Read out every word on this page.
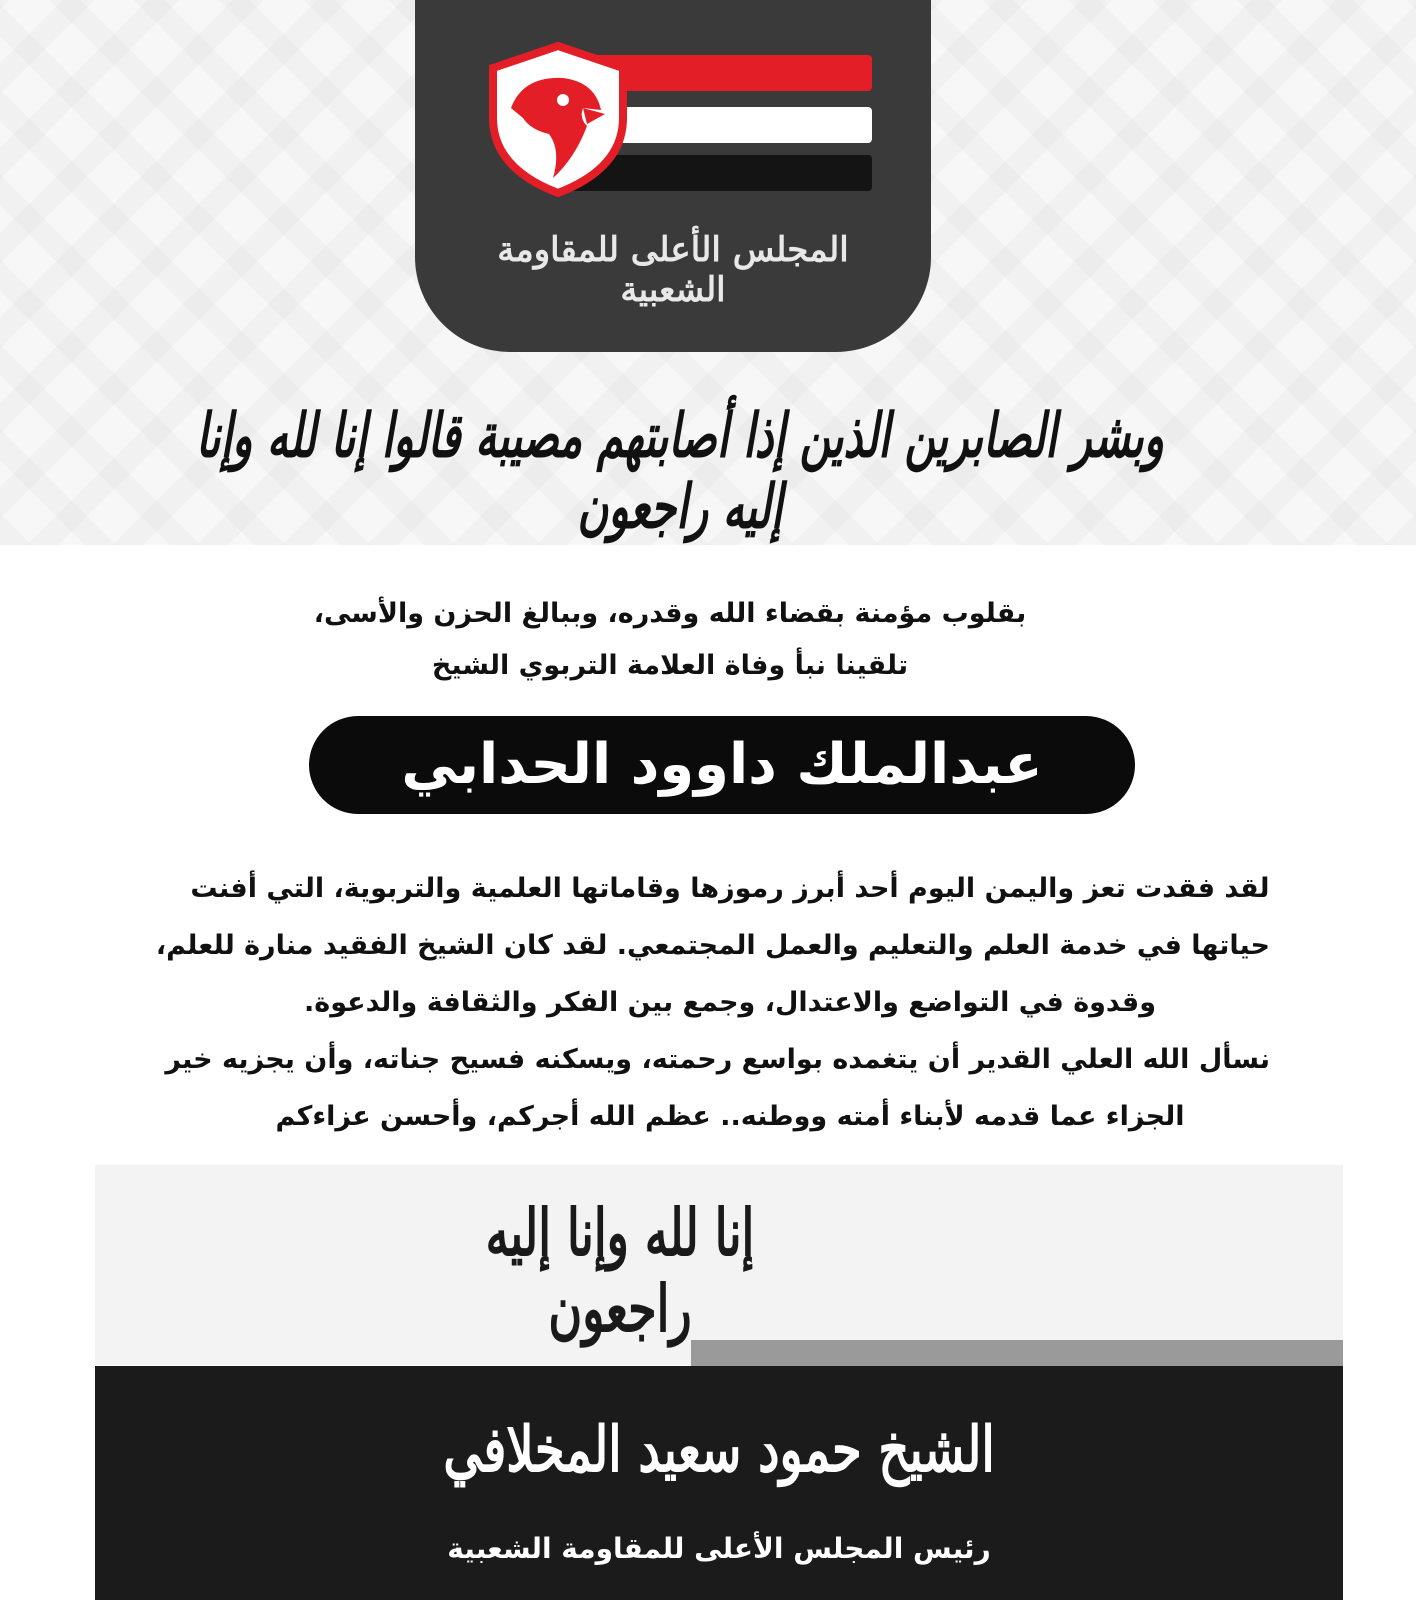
المجلس الأعلى للمقاومة الشعبية
وبشر الصابرين الذين إذا أصابتهم مصيبة قالوا إنا لله وإنا إليه راجعون
بقلوب مؤمنة بقضاء الله وقدره، وببالغ الحزن والأسى،
تلقينا نبأ وفاة العلامة التربوي الشيخ
عبدالملك داوود الحدابي
لقد فقدت تعز واليمن اليوم أحد أبرز رموزها وقاماتها العلمية والتربوية، التي أفنت
حياتها في خدمة العلم والتعليم والعمل المجتمعي. لقد كان الشيخ الفقيد منارة للعلم،
وقدوة في التواضع والاعتدال، وجمع بين الفكر والثقافة والدعوة.
نسأل الله العلي القدير أن يتغمده بواسع رحمته، ويسكنه فسيح جناته، وأن يجزيه خير
الجزاء عما قدمه لأبناء أمته ووطنه.. عظم الله أجركم، وأحسن عزاءكم
إنا لله وإنا إليه راجعون
الشيخ حمود سعيد المخلافي
رئيس المجلس الأعلى للمقاومة الشعبية
